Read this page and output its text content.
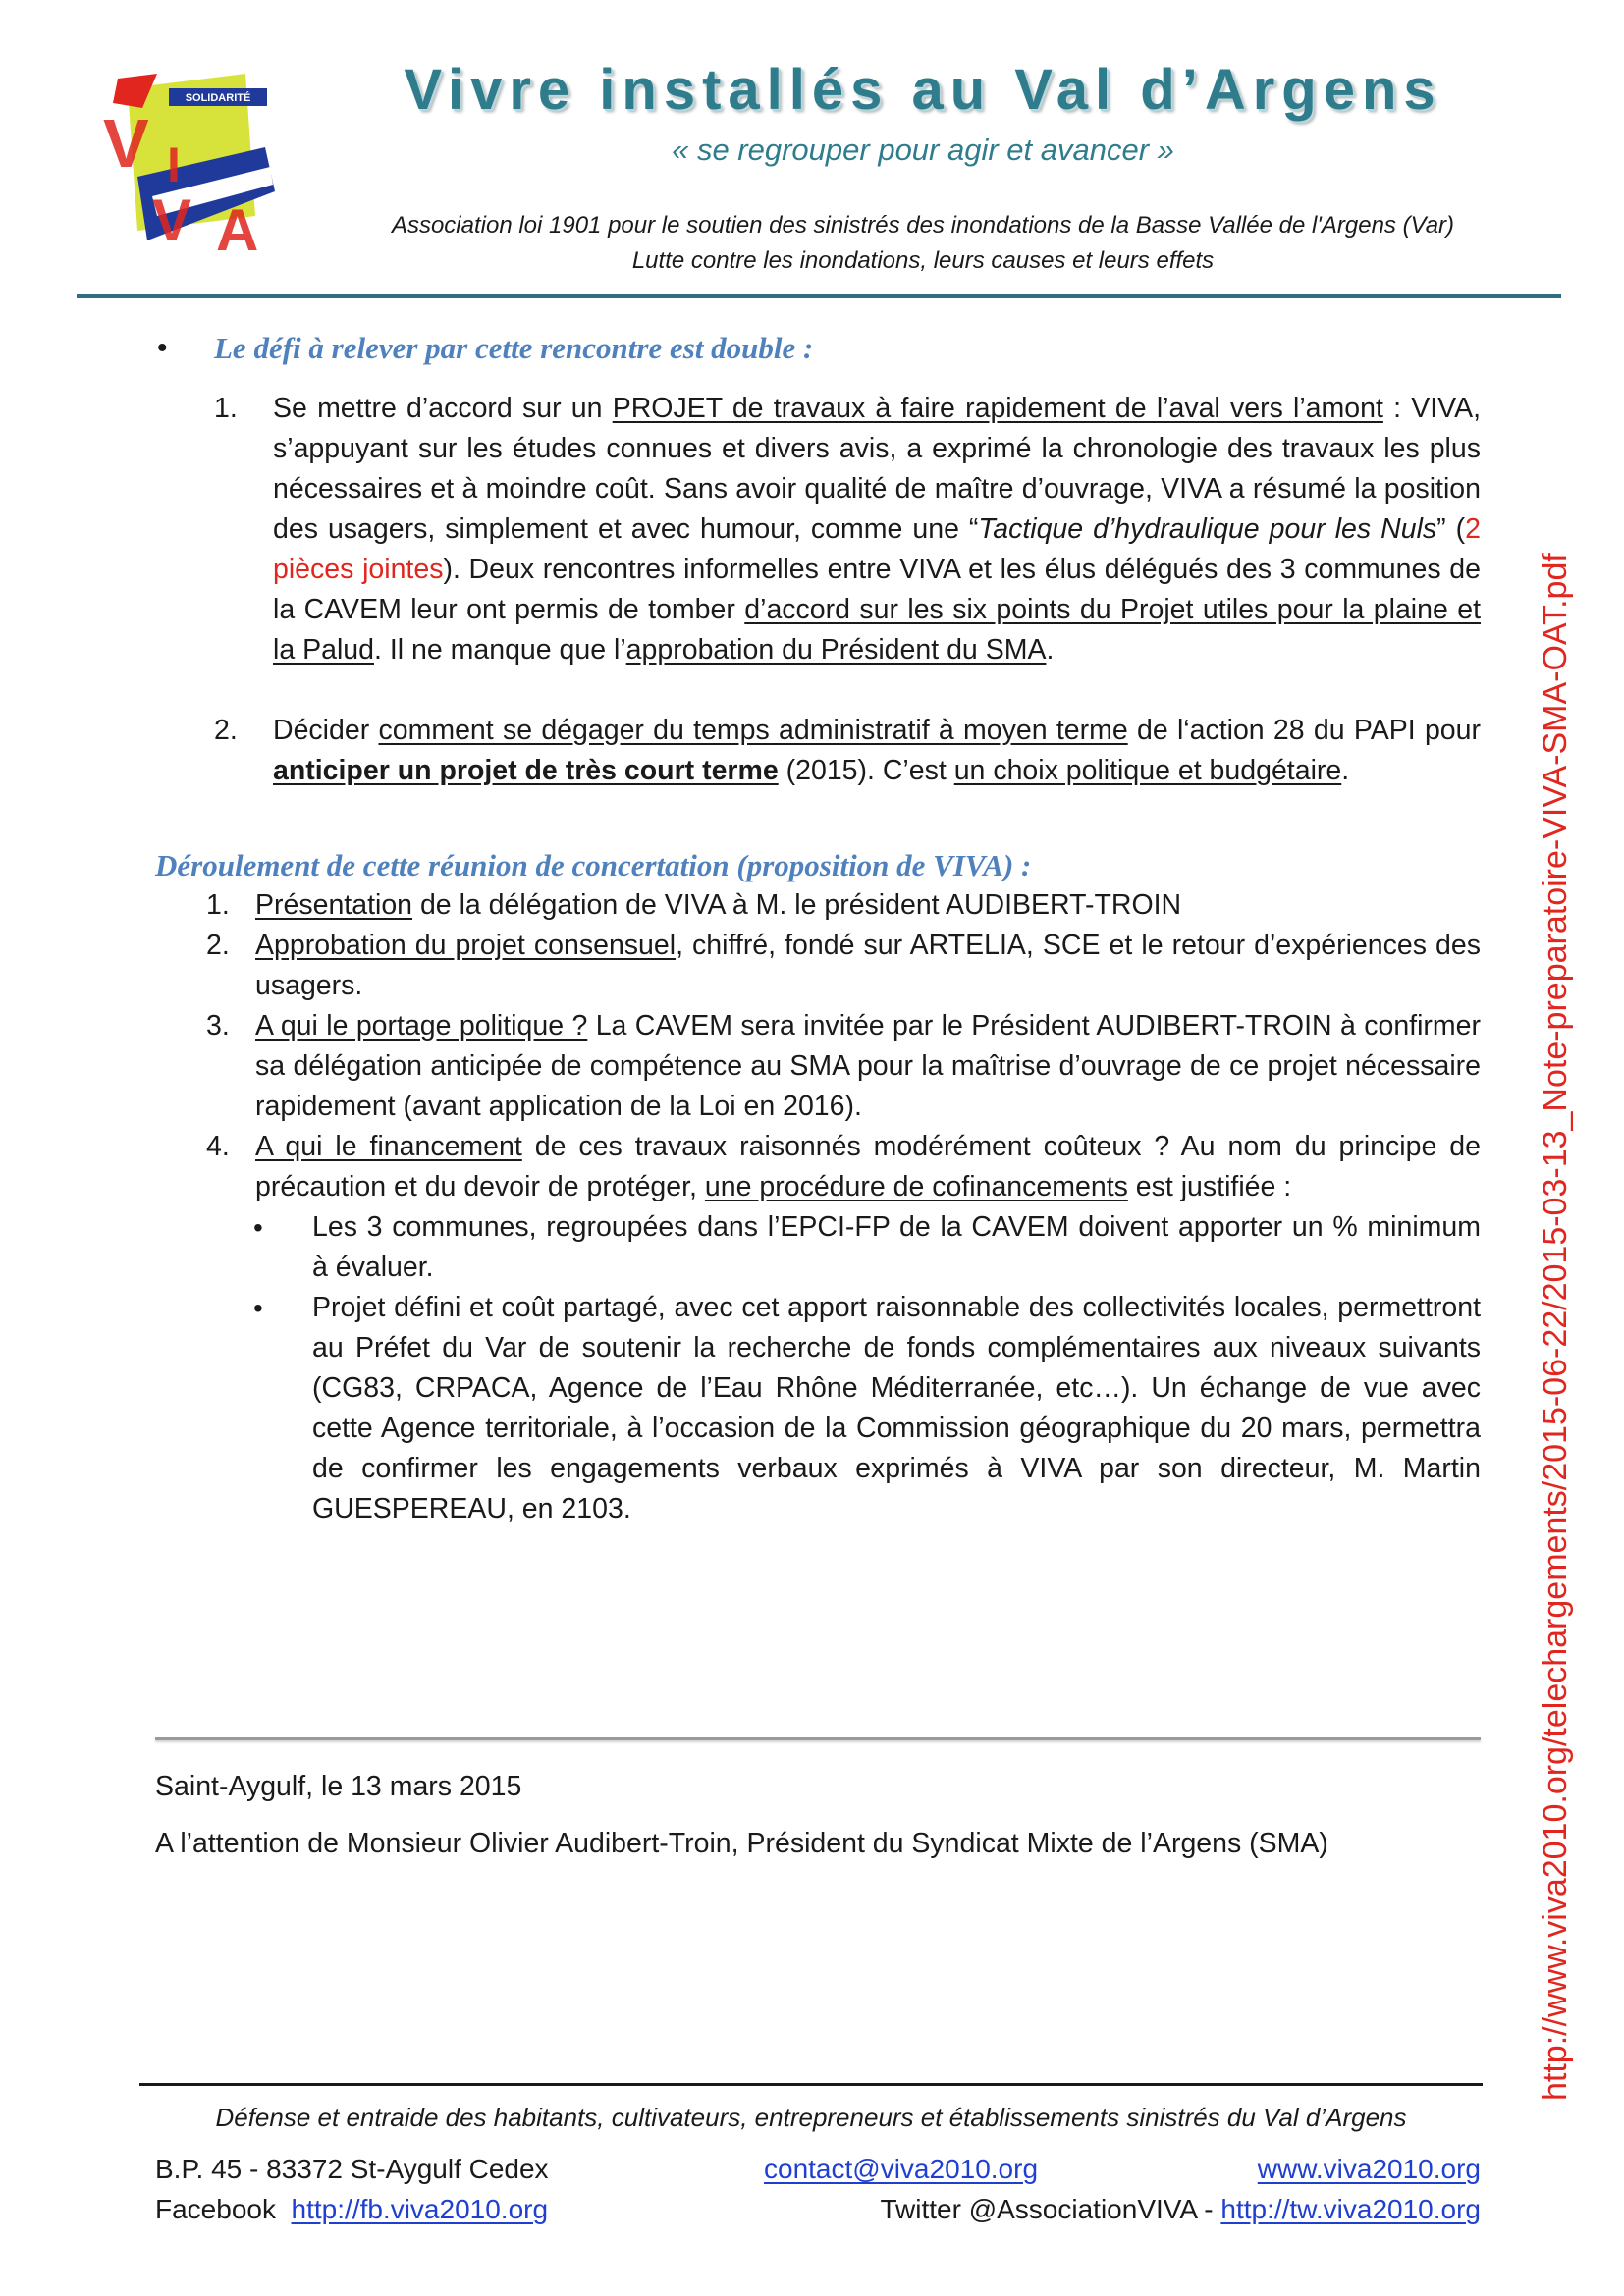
SOLIDARITÉ
V I
V A
Vivre installés au Val d’Argens
« se regrouper pour agir et avancer »
Association loi 1901 pour le soutien des sinistrés des inondations de la Basse Vallée de l'Argens (Var)
Lutte contre les inondations, leurs causes et leurs effets
• Le défi à relever par cette rencontre est double :
1. Se mettre d’accord sur un PROJET de travaux à faire rapidement de l’aval vers l’amont : VIVA, s’appuyant sur les études connues et divers avis, a exprimé la chronologie des travaux les plus nécessaires et à moindre coût. Sans avoir qualité de maître d’ouvrage, VIVA a résumé la position des usagers, simplement et avec humour, comme une “Tactique d’hydraulique pour les Nuls” (2 pièces jointes). Deux rencontres informelles entre VIVA et les élus délégués des 3 communes de la CAVEM leur ont permis de tomber d’accord sur les six points du Projet utiles pour la plaine et la Palud. Il ne manque que l’approbation du Président du SMA.
2. Décider comment se dégager du temps administratif à moyen terme de l‘action 28 du PAPI pour anticiper un projet de très court terme (2015). C’est un choix politique et budgétaire.
Déroulement de cette réunion de concertation (proposition de VIVA) :
1. Présentation de la délégation de VIVA à M. le président AUDIBERT-TROIN
2. Approbation du projet consensuel, chiffré, fondé sur ARTELIA, SCE et le retour d’expériences des usagers.
3. A qui le portage politique ? La CAVEM sera invitée par le Président AUDIBERT-TROIN à confirmer sa délégation anticipée de compétence au SMA pour la maîtrise d’ouvrage de ce projet nécessaire rapidement (avant application de la Loi en 2016).
4. A qui le financement de ces travaux raisonnés modérément coûteux ? Au nom du principe de précaution et du devoir de protéger, une procédure de cofinancements est justifiée :
• Les 3 communes, regroupées dans l’EPCI-FP de la CAVEM doivent apporter un % minimum à évaluer.
• Projet défini et coût partagé, avec cet apport raisonnable des collectivités locales, permettront au Préfet du Var de soutenir la recherche de fonds complémentaires aux niveaux suivants (CG83, CRPACA, Agence de l’Eau Rhône Méditerranée, etc…). Un échange de vue avec cette Agence territoriale, à l’occasion de la Commission géographique du 20 mars, permettra de confirmer les engagements verbaux exprimés à VIVA par son directeur, M. Martin GUESPEREAU, en 2103.
Saint-Aygulf, le 13 mars 2015
A l’attention de Monsieur Olivier Audibert-Troin, Président du Syndicat Mixte de l’Argens (SMA)	http://www.viva2010.org/telechargements/2015-06-22/2015-03-13_Note-preparatoire-VIVA-SMA-OAT.pdf
Défense et entraide des habitants, cultivateurs, entrepreneurs et établissements sinistrés du Val d’Argens
B.P. 45 - 83372 St-Aygulf Cedex	contact@viva2010.org	www.viva2010.org
Facebook  http://fb.viva2010.org	Twitter @AssociationVIVA - http://tw.viva2010.org
